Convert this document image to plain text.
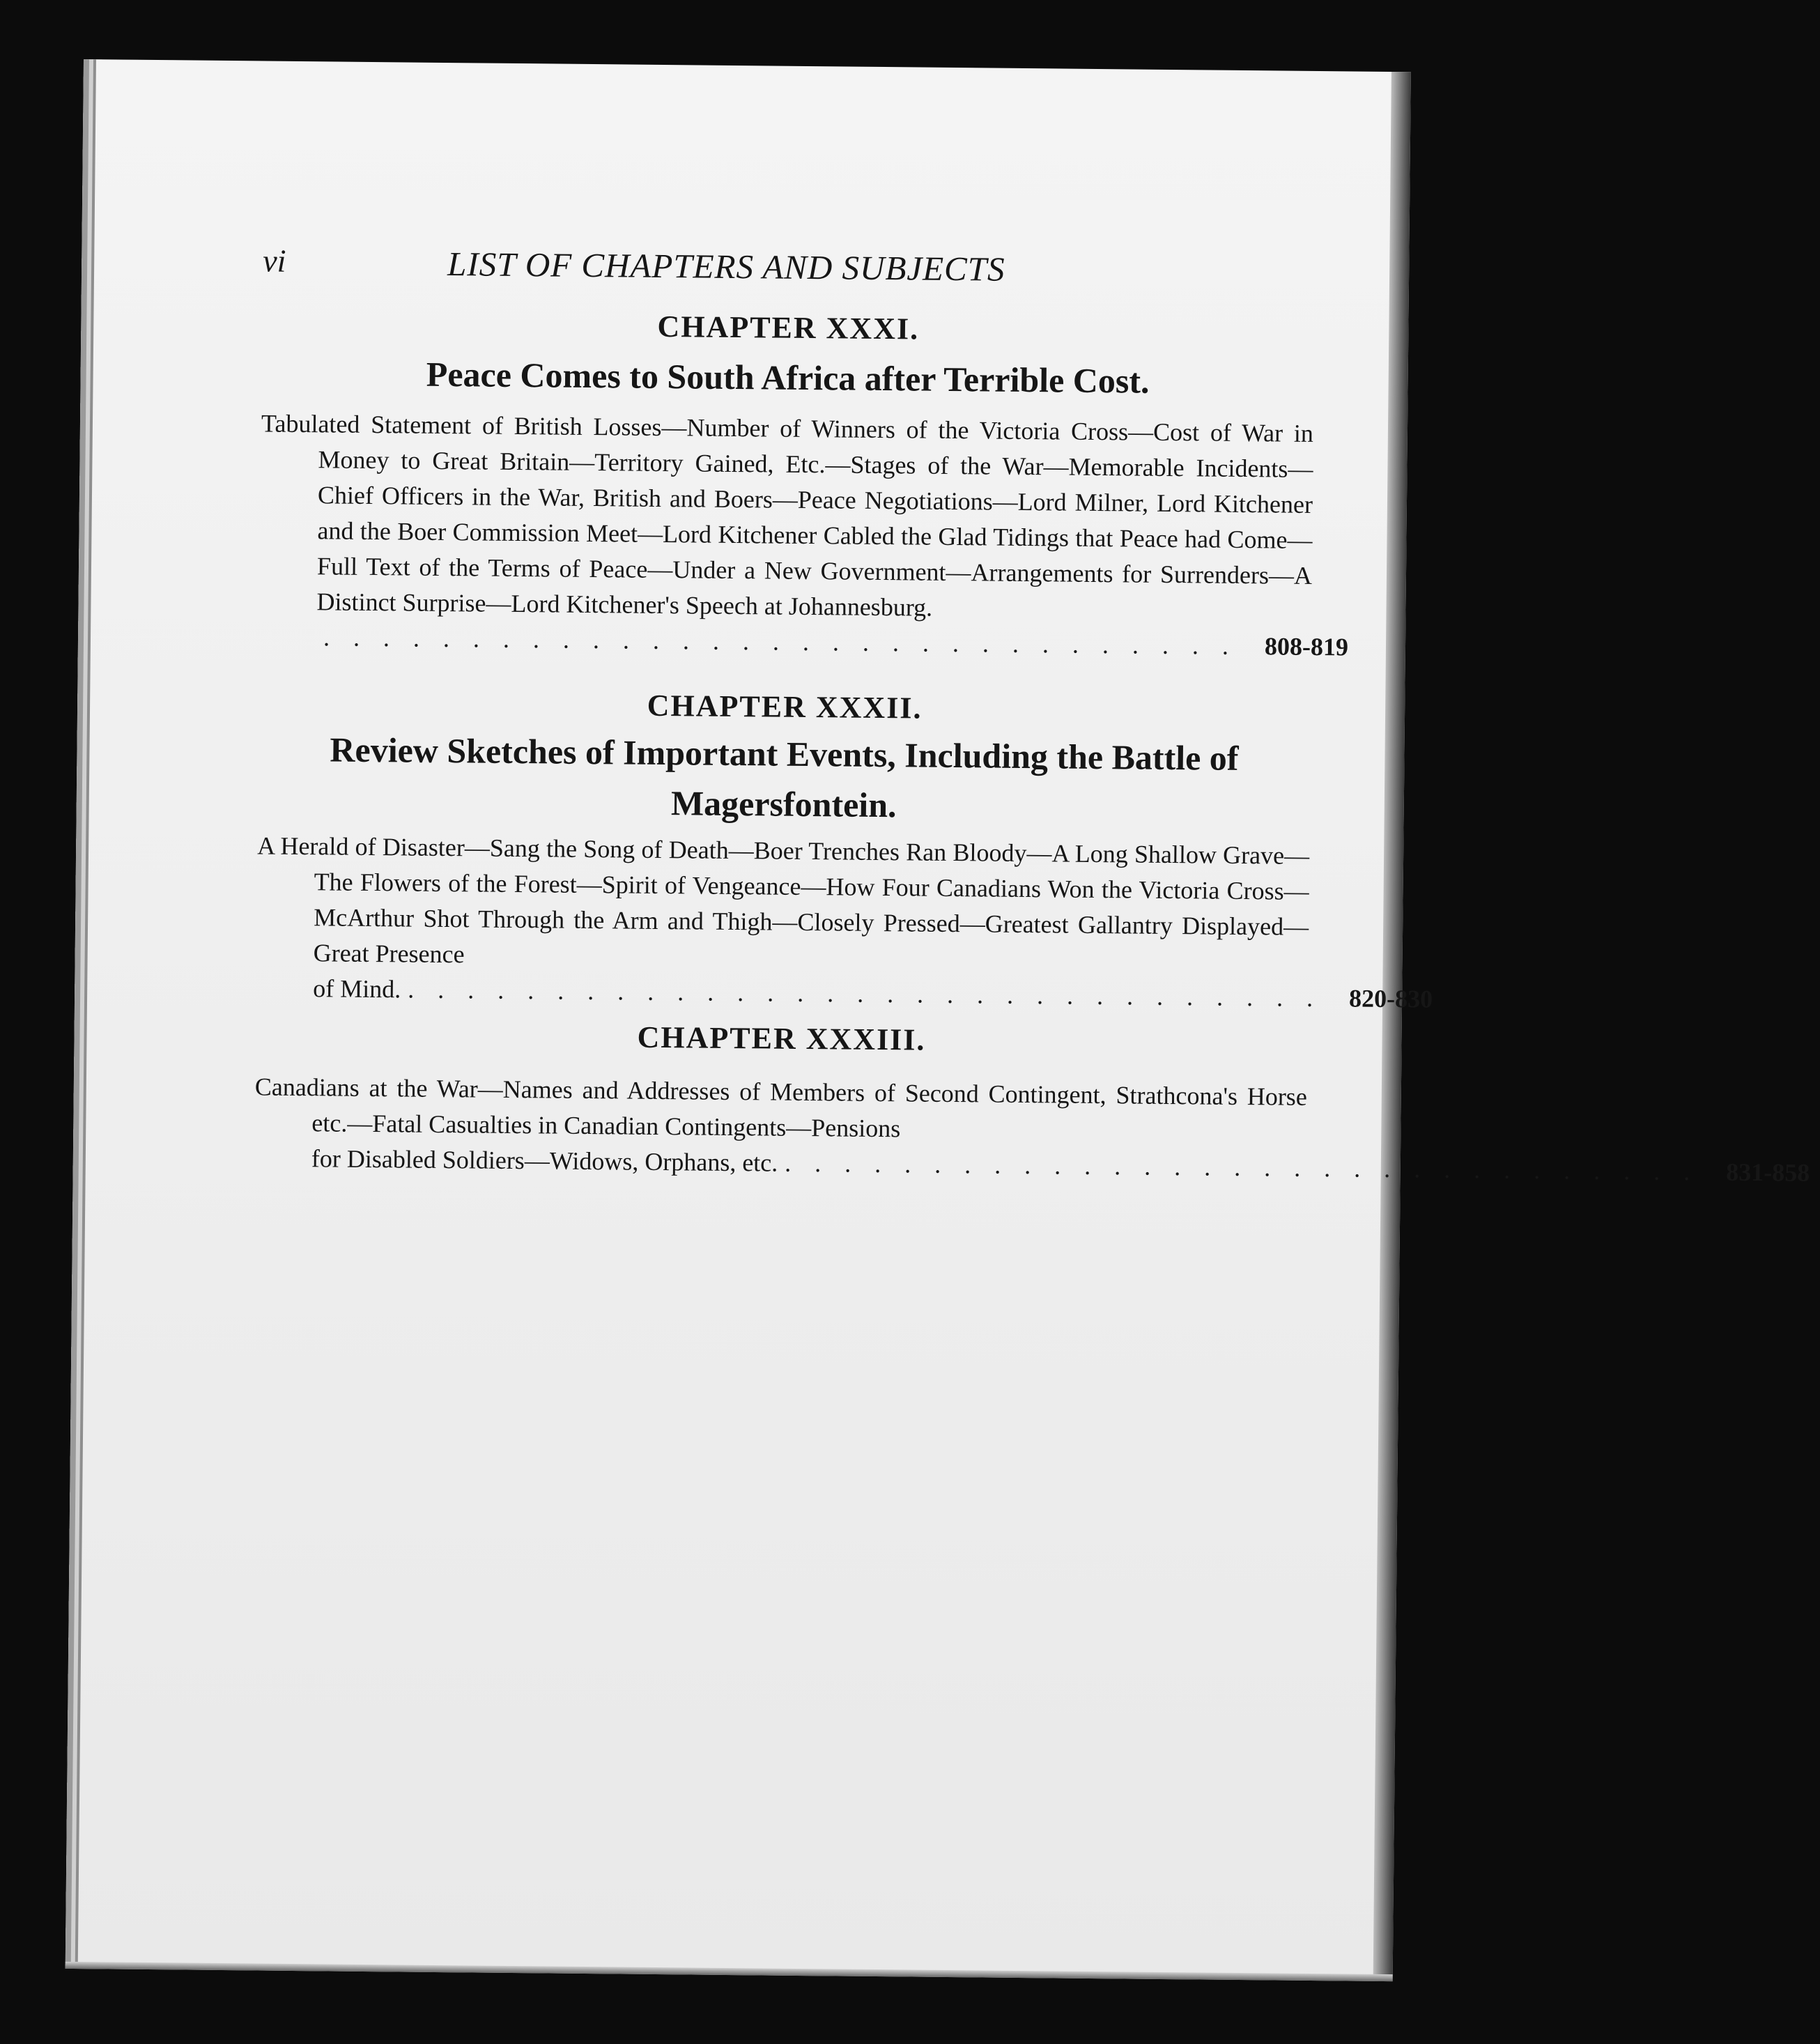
vi	LIST OF CHAPTERS AND SUBJECTS
CHAPTER XXXI.
Peace Comes to South Africa after Terrible Cost.

Tabulated Statement of British Losses—Number of Winners of the Victoria Cross—Cost of War in Money to Great Britain—Territory Gained, Etc.—Stages of the War—Memorable Incidents—Chief Officers in the War, British and Boers—Peace Negotiations—Lord Milner, Lord Kitchener and the Boer Commission Meet—Lord Kitchener Cabled the Glad Tidings that Peace had Come—Full Text of the Terms of Peace—Under a New Government—Arrangements for Surrenders—A Distinct Surprise—Lord Kitchener's Speech at Johannesburg.

............................... 808-819
CHAPTER XXXII.
Review Sketches of Important Events, Including the Battle of Magersfontein.

A Herald of Disaster—Sang the Song of Death—Boer Trenches Ran Bloody—A Long Shallow Grave—The Flowers of the Forest—Spirit of Vengeance—How Four Canadians Won the Victoria Cross—McArthur Shot Through the Arm and Thigh—Closely Pressed—Greatest Gallantry Displayed—Great Presence

of Mind. ............................... 820-830
CHAPTER XXXIII.

Canadians at the War—Names and Addresses of Members of Second Contingent, Strathcona's Horse etc.—Fatal Casualties in Canadian Contingents—Pensions

for Disabled Soldiers—Widows, Orphans, etc. ............................... 831-858
